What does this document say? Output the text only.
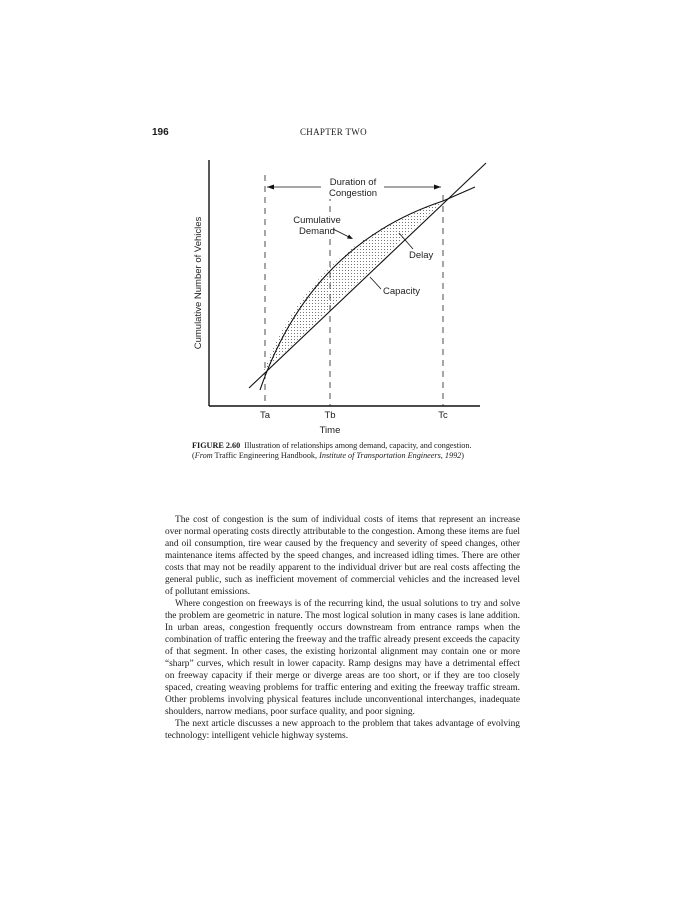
196	CHAPTER TWO
Duration of
Congestion
Cumulative
Demand
Delay
Capacity
Cumulative Number of Vehicles
Ta	Tb	Tc
Time
FIGURE 2.60 Illustration of relationships among demand, capacity, and congestion. (From Traffic Engineering Handbook, Institute of Transportation Engineers, 1992)

The cost of congestion is the sum of individual costs of items that represent an increase over normal operating costs directly attributable to the congestion. Among these items are fuel and oil consumption, tire wear caused by the frequency and severity of speed changes, other maintenance items affected by the speed changes, and increased idling times. There are other costs that may not be readily apparent to the individual driver but are real costs affecting the general public, such as inefficient movement of commercial vehicles and the increased level of pollutant emissions.

Where congestion on freeways is of the recurring kind, the usual solutions to try and solve the problem are geometric in nature. The most logical solution in many cases is lane addition. In urban areas, congestion frequently occurs downstream from entrance ramps when the combination of traffic entering the freeway and the traffic already present exceeds the capacity of that segment. In other cases, the existing horizontal alignment may contain one or more “sharp” curves, which result in lower capacity. Ramp designs may have a detrimental effect on freeway capacity if their merge or diverge areas are too short, or if they are too closely spaced, creating weaving problems for traffic entering and exiting the freeway traffic stream. Other problems involving physical features include unconventional interchanges, inadequate shoulders, narrow medians, poor surface quality, and poor signing.

The next article discusses a new approach to the problem that takes advantage of evolving technology: intelligent vehicle highway systems.
